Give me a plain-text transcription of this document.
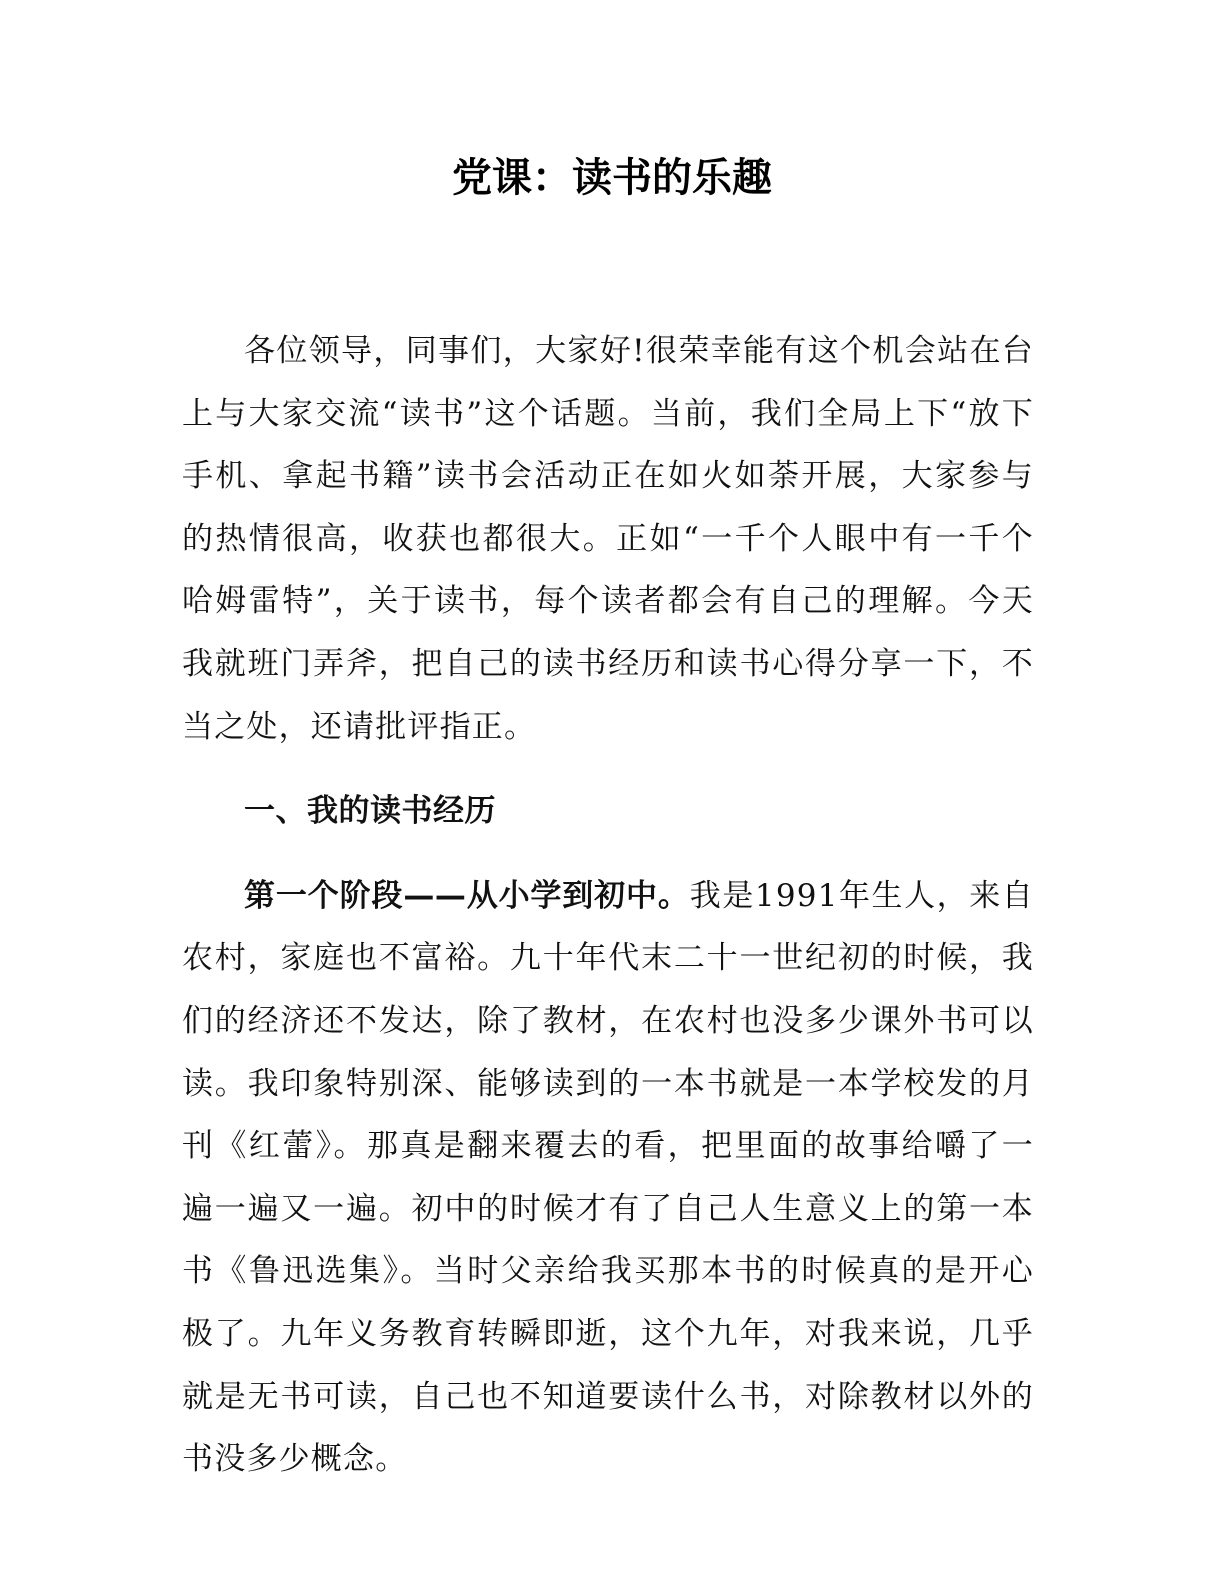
党课：读书的乐趣

各位领导，同事们，大家好!很荣幸能有这个机会站在台上与大家交流“读书”这个话题。当前，我们全局上下“放下手机、拿起书籍”读书会活动正在如火如荼开展，大家参与的热情很高，收获也都很大。正如“一千个人眼中有一千个哈姆雷特”，关于读书，每个读者都会有自己的理解。今天我就班门弄斧，把自己的读书经历和读书心得分享一下，不当之处，还请批评指正。

一、我的读书经历

第一个阶段——从小学到初中。我是1991年生人，来自农村，家庭也不富裕。九十年代末二十一世纪初的时候，我们的经济还不发达，除了教材，在农村也没多少课外书可以读。我印象特别深、能够读到的一本书就是一本学校发的月刊《红蕾》。那真是翻来覆去的看，把里面的故事给嚼了一遍一遍又一遍。初中的时候才有了自己人生意义上的第一本书《鲁迅选集》。当时父亲给我买那本书的时候真的是开心极了。九年义务教育转瞬即逝，这个九年，对我来说，几乎就是无书可读，自己也不知道要读什么书，对除教材以外的书没多少概念。
